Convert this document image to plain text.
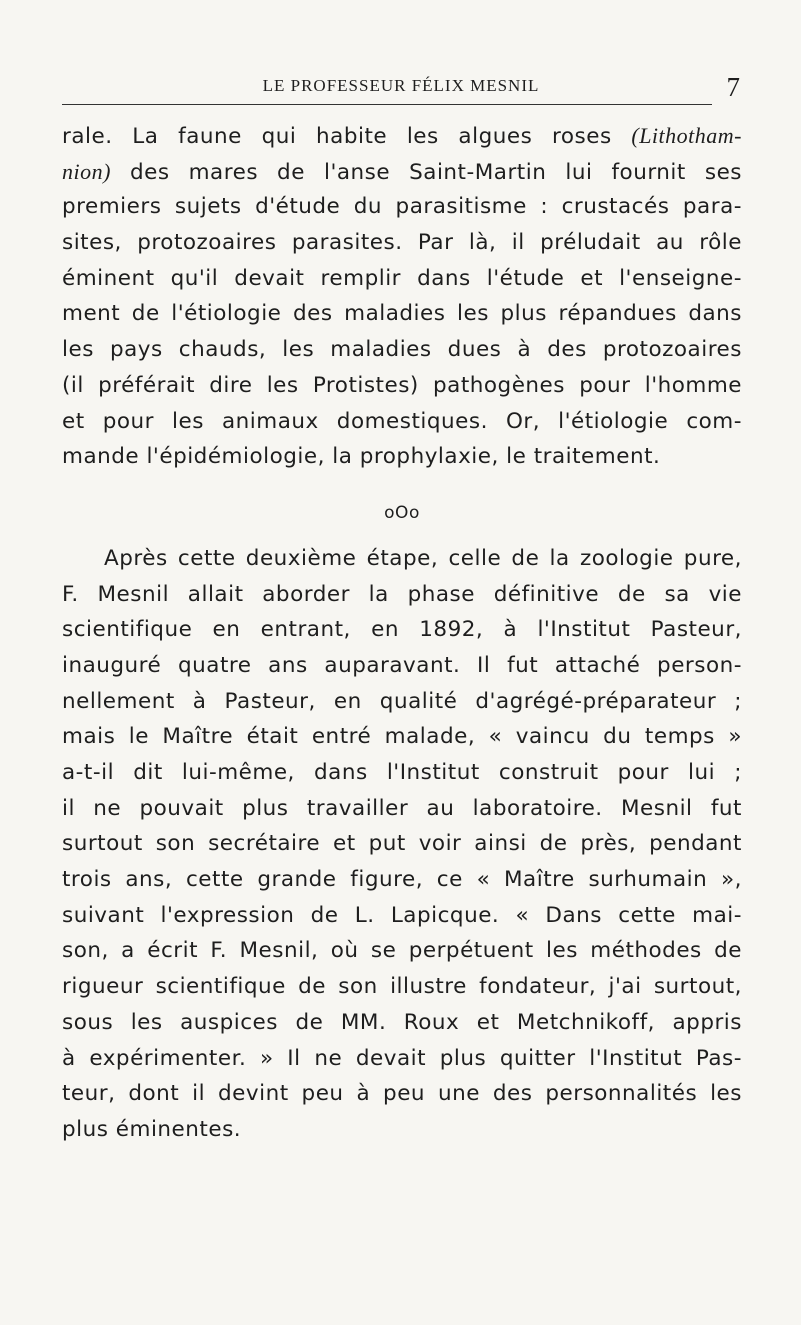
LE PROFESSEUR FÉLIX MESNIL	7
rale. La faune qui habite les algues roses (Lithotham-
nion) des mares de l'anse Saint-Martin lui fournit ses
premiers sujets d'étude du parasitisme : crustacés para-
sites, protozoaires parasites. Par là, il préludait au rôle
éminent qu'il devait remplir dans l'étude et l'enseigne-
ment de l'étiologie des maladies les plus répandues dans
les pays chauds, les maladies dues à des protozoaires
(il préférait dire les Protistes) pathogènes pour l'homme
et pour les animaux domestiques. Or, l'étiologie com-
mande l'épidémiologie, la prophylaxie, le traitement.
oOo
Après cette deuxième étape, celle de la zoologie pure,
F. Mesnil allait aborder la phase définitive de sa vie
scientifique en entrant, en 1892, à l'Institut Pasteur,
inauguré quatre ans auparavant. Il fut attaché person-
nellement à Pasteur, en qualité d'agrégé-préparateur ;
mais le Maître était entré malade, « vaincu du temps »
a-t-il dit lui-même, dans l'Institut construit pour lui ;
il ne pouvait plus travailler au laboratoire. Mesnil fut
surtout son secrétaire et put voir ainsi de près, pendant
trois ans, cette grande figure, ce « Maître surhumain »,
suivant l'expression de L. Lapicque. « Dans cette mai-
son, a écrit F. Mesnil, où se perpétuent les méthodes de
rigueur scientifique de son illustre fondateur, j'ai surtout,
sous les auspices de MM. Roux et Metchnikoff, appris
à expérimenter. » Il ne devait plus quitter l'Institut Pas-
teur, dont il devint peu à peu une des personnalités les
plus éminentes.
